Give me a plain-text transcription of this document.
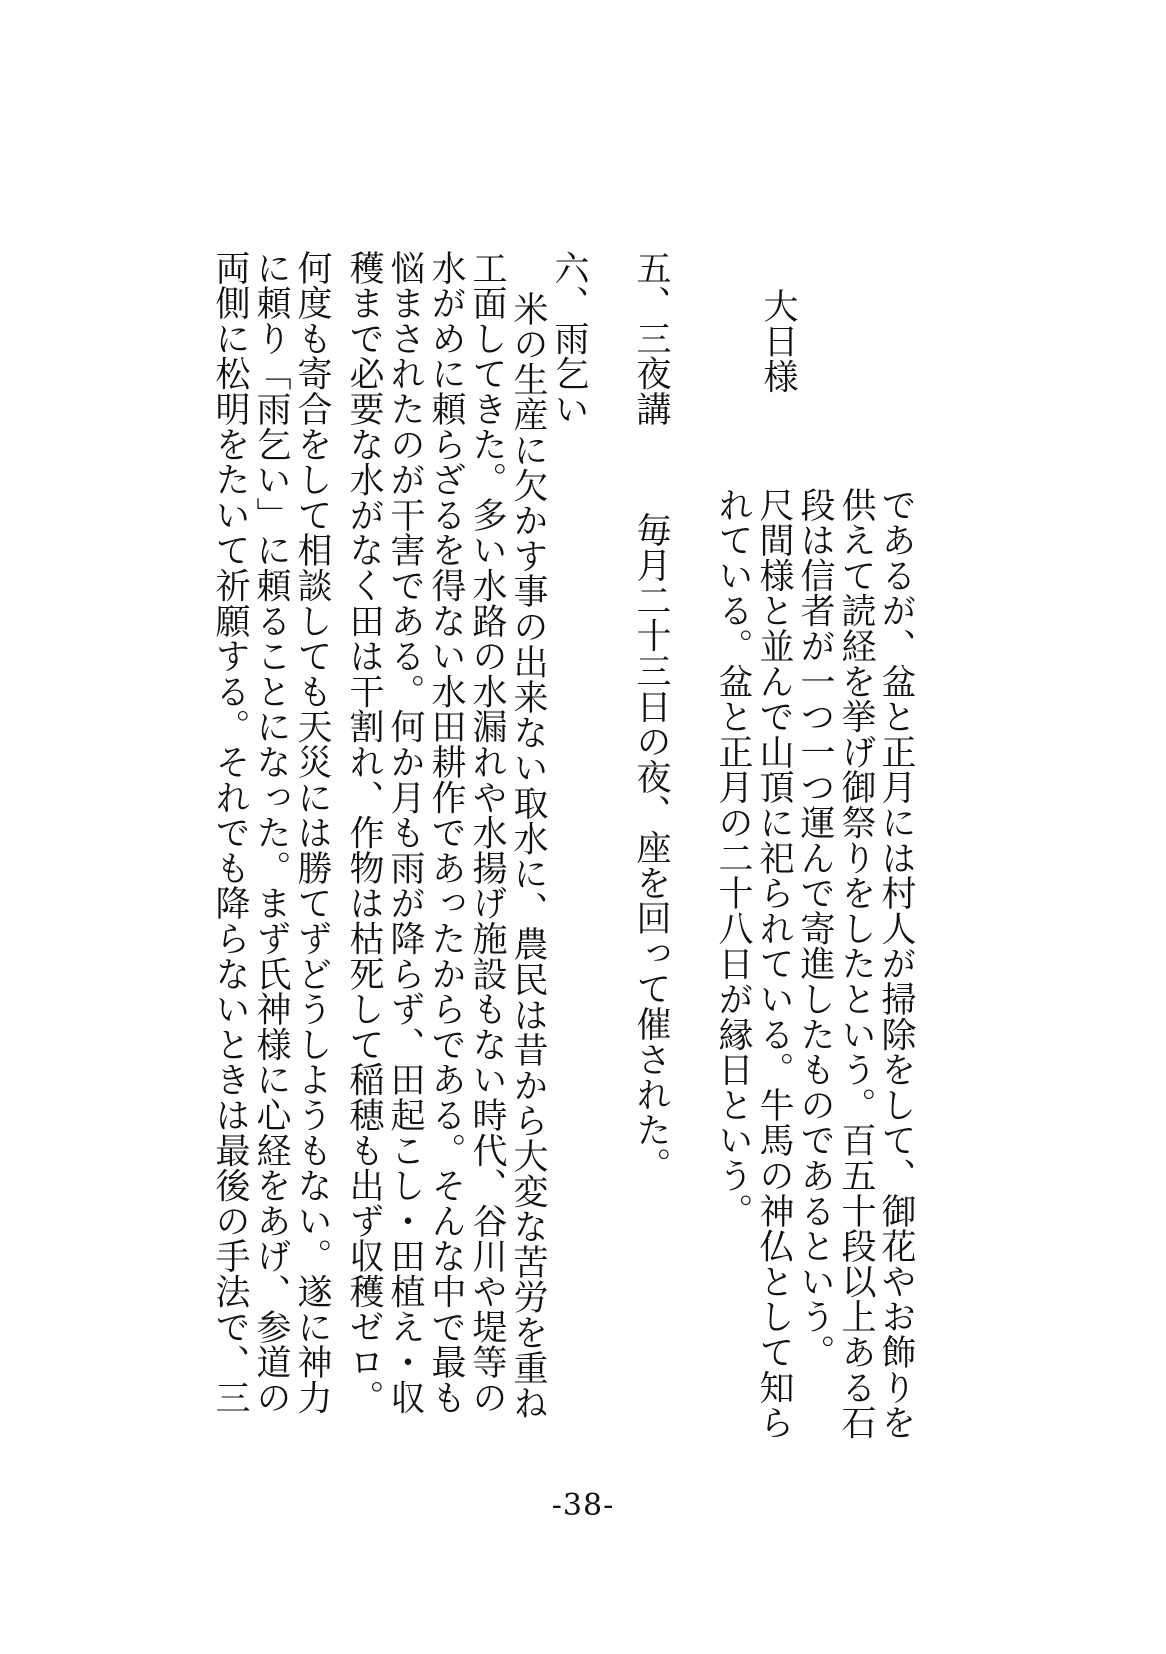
であるが、盆と正月には村人が掃除をして、御花やお飾りを
供えて読経を挙げ御祭りをしたという。百五十段以上ある石
段は信者が一つ一つ運んで寄進したものであるという。
尺間様と並んで山頂に祀られている。牛馬の神仏として知ら
れている。盆と正月の二十八日が縁日という。
大日様
毎月二十三日の夜、座を回って催された。
五、三夜講
六、雨乞い
米の生産に欠かす事の出来ない取水に、農民は昔から大変な苦労を重ね
工面してきた。多い水路の水漏れや水揚げ施設もない時代、谷川や堤等の
水がめに頼らざるを得ない水田耕作であったからである。そんな中で最も
悩まされたのが干害である。何か月も雨が降らず、田起こし・田植え・収
穫まで必要な水がなく田は干割れ、作物は枯死して稲穂も出ず収穫ゼロ。
何度も寄合をして相談しても天災には勝てずどうしようもない。遂に神力
に頼り「雨乞い」に頼ることになった。まず氏神様に心経をあげ、参道の
両側に松明をたいて祈願する。それでも降らないときは最後の手法で、三
-38-
